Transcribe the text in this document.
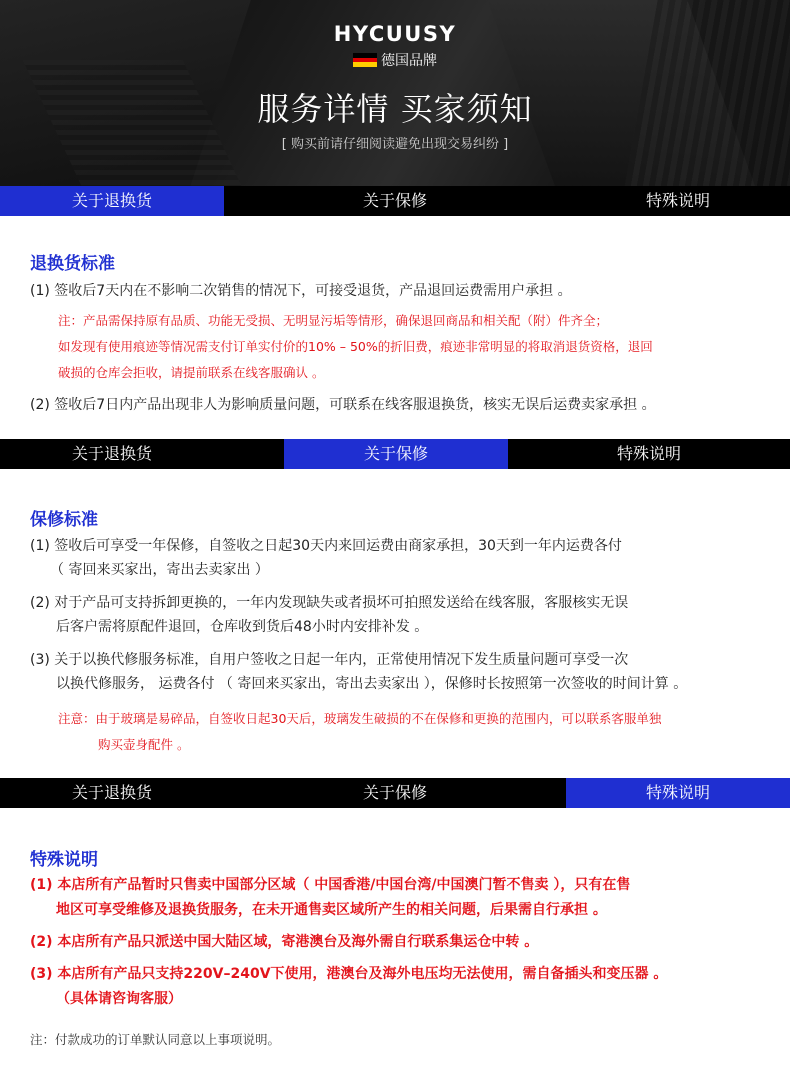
HYCUUSY
德国品牌
服务详情 买家须知
[ 购买前请仔细阅读避免出现交易纠纷 ]
关于退换货	关于保修	特殊说明
退换货标准
(1) 签收后7天内在不影响二次销售的情况下，可接受退货，产品退回运费需用户承担 。
注：产品需保持原有品质、功能无受损、无明显污垢等情形，确保退回商品和相关配（附）件齐全；
如发现有使用痕迹等情况需支付订单实付价的10% – 50%的折旧费，痕迹非常明显的将取消退货资格，退回
破损的仓库会拒收，请提前联系在线客服确认 。
(2) 签收后7日内产品出现非人为影响质量问题，可联系在线客服退换货，核实无误后运费卖家承担 。
关于退换货	关于保修	特殊说明
保修标准
(1) 签收后可享受一年保修，自签收之日起30天内来回运费由商家承担，30天到一年内运费各付
（ 寄回来买家出，寄出去卖家出 ）
(2) 对于产品可支持拆卸更换的，一年内发现缺失或者损坏可拍照发送给在线客服，客服核实无误
后客户需将原配件退回，仓库收到货后48小时内安排补发 。
(3) 关于以换代修服务标准，自用户签收之日起一年内，正常使用情况下发生质量问题可享受一次
以换代修服务， 运费各付 （ 寄回来买家出，寄出去卖家出 ），保修时长按照第一次签收的时间计算 。
注意：由于玻璃是易碎品，自签收日起30天后，玻璃发生破损的不在保修和更换的范围内，可以联系客服单独
购买壶身配件 。
关于退换货	关于保修	特殊说明
特殊说明
(1) 本店所有产品暂时只售卖中国部分区域（ 中国香港/中国台湾/中国澳门暂不售卖 ），只有在售
地区可享受维修及退换货服务，在未开通售卖区域所产生的相关问题，后果需自行承担 。
(2) 本店所有产品只派送中国大陆区域，寄港澳台及海外需自行联系集运仓中转 。
(3) 本店所有产品只支持220V–240V下使用，港澳台及海外电压均无法使用，需自备插头和变压器 。
（具体请咨询客服）
注：付款成功的订单默认同意以上事项说明。
